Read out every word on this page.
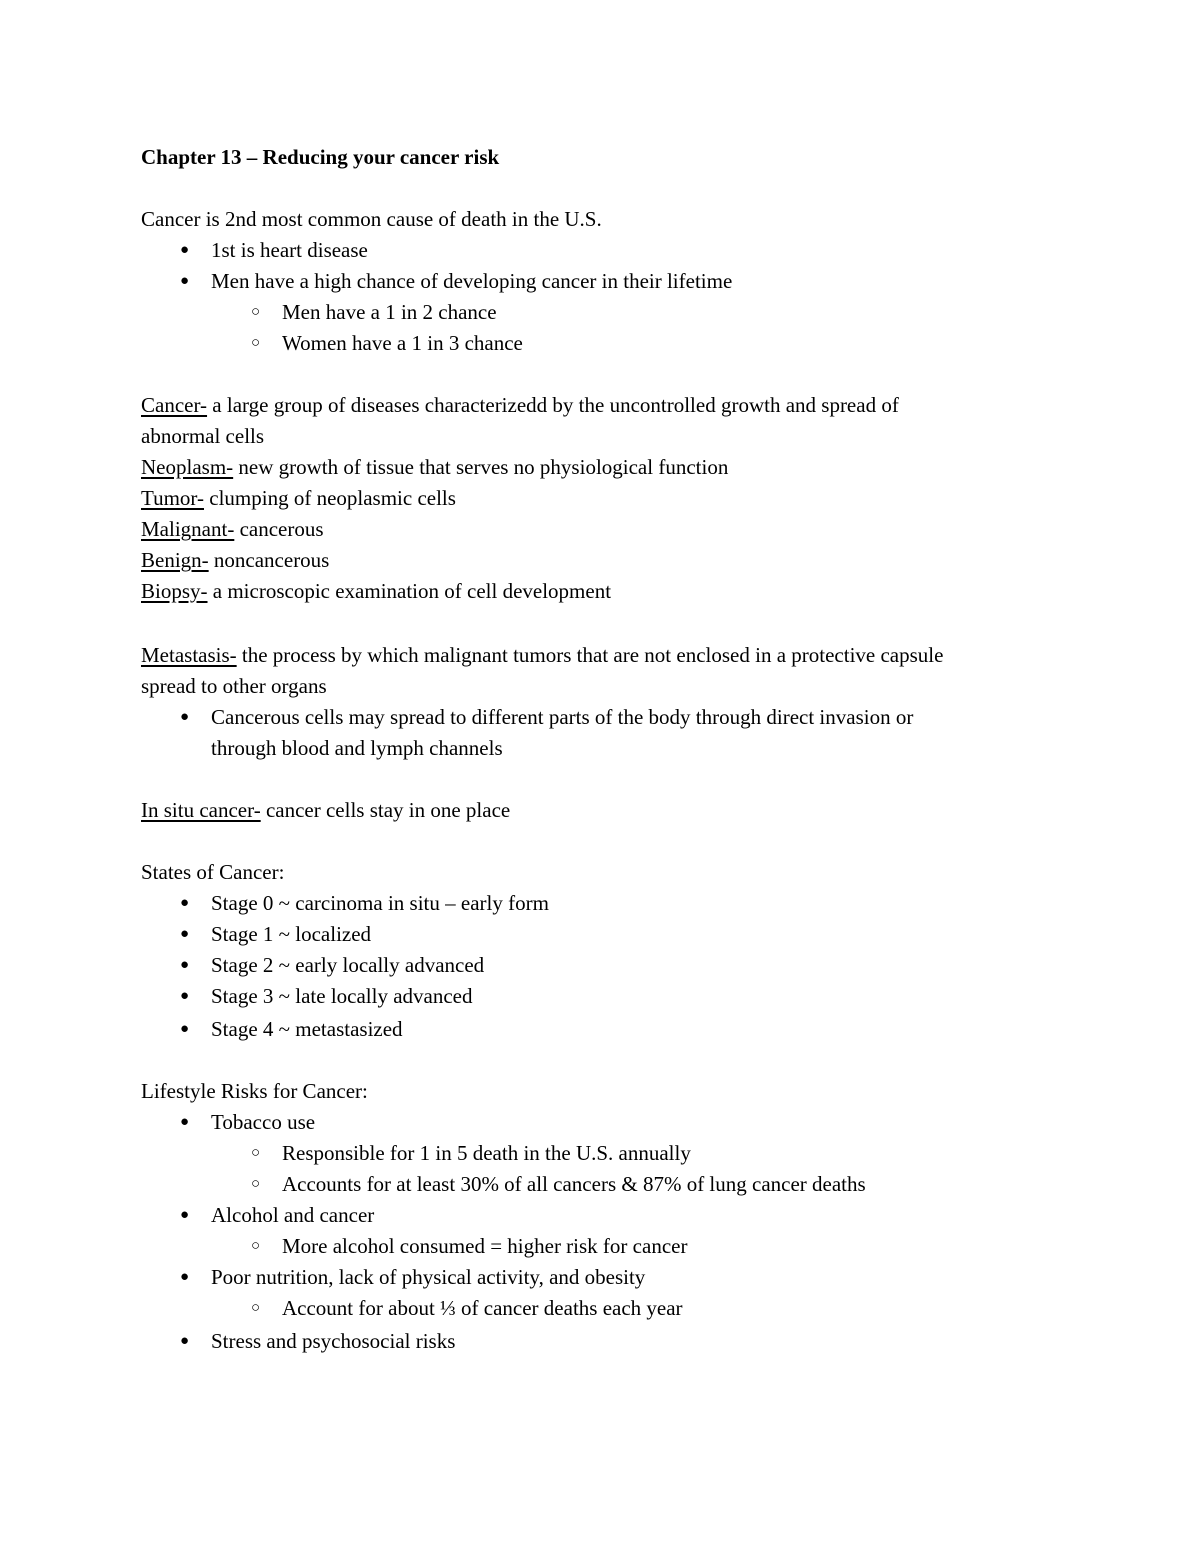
Chapter 13 – Reducing your cancer risk
Cancer is 2nd most common cause of death in the U.S.
● 1st is heart disease
● Men have a high chance of developing cancer in their lifetime
○ Men have a 1 in 2 chance
○ Women have a 1 in 3 chance
Cancer- a large group of diseases characterizedd by the uncontrolled growth and spread of
abnormal cells
Neoplasm- new growth of tissue that serves no physiological function
Tumor- clumping of neoplasmic cells
Malignant- cancerous
Benign- noncancerous
Biopsy- a microscopic examination of cell development
Metastasis- the process by which malignant tumors that are not enclosed in a protective capsule
spread to other organs
● Cancerous cells may spread to different parts of the body through direct invasion or
through blood and lymph channels
In situ cancer- cancer cells stay in one place
States of Cancer:
● Stage 0 ~ carcinoma in situ – early form
● Stage 1 ~ localized
● Stage 2 ~ early locally advanced
● Stage 3 ~ late locally advanced
● Stage 4 ~ metastasized
Lifestyle Risks for Cancer:
● Tobacco use
○ Responsible for 1 in 5 death in the U.S. annually
○ Accounts for at least 30% of all cancers & 87% of lung cancer deaths
● Alcohol and cancer
○ More alcohol consumed = higher risk for cancer
● Poor nutrition, lack of physical activity, and obesity
○ Account for about ⅓ of cancer deaths each year
● Stress and psychosocial risks
